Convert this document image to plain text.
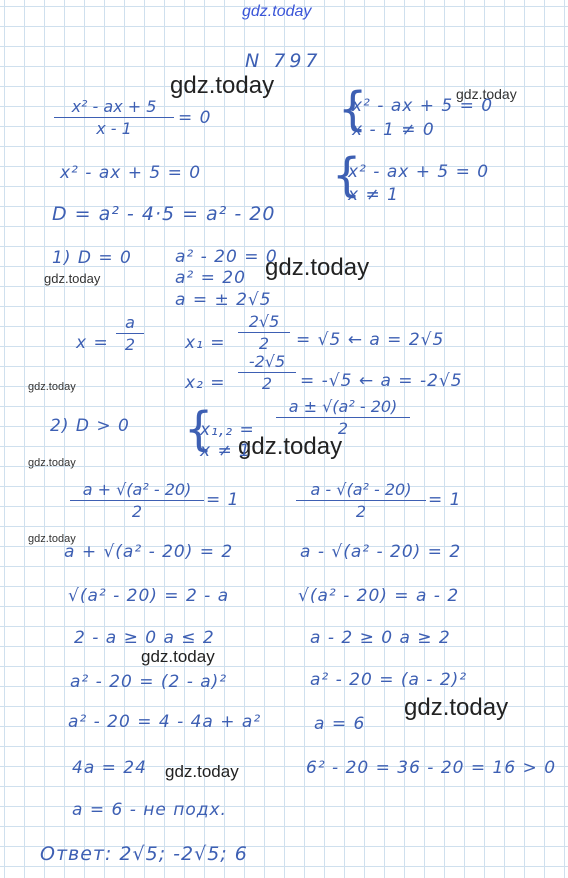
gdz.today
gdz.today	gdz.today
gdz.today	gdz.today
gdz.today
gdz.today
gdz.today
gdz.today
gdz.today
gdz.today
gdz.today
N 797
x² - ax + 5
x - 1
= 0	{
x² - ax + 5 = 0
x - 1 ≠ 0
x² - ax + 5 = 0	{
x² - ax + 5 = 0
x ≠ 1
D = a² - 4·5 = a² - 20
1) D = 0	a² - 20 = 0
a² = 20
a = ± 2√5
x =
a
2	x₁ =
2√5
2	= √5 ← a = 2√5
x₂ =
-2√5
2	= -√5 ← a = -2√5
2) D > 0 {
x₁,₂ =
a ± √(a² - 20)
2
x ≠ 1
a + √(a² - 20)
2
= 1
a - √(a² - 20)
2
= 1
a + √(a² - 20) = 2	a - √(a² - 20) = 2
√(a² - 20) = 2 - a	√(a² - 20) = a - 2
2 - a ≥ 0 a ≤ 2	a - 2 ≥ 0 a ≥ 2
a² - 20 = (2 - a)²	a² - 20 = (a - 2)²
a² - 20 = 4 - 4a + a²	a = 6
4a = 24	6² - 20 = 36 - 20 = 16 > 0
a = 6 - не подх.
Ответ: 2√5; -2√5; 6
